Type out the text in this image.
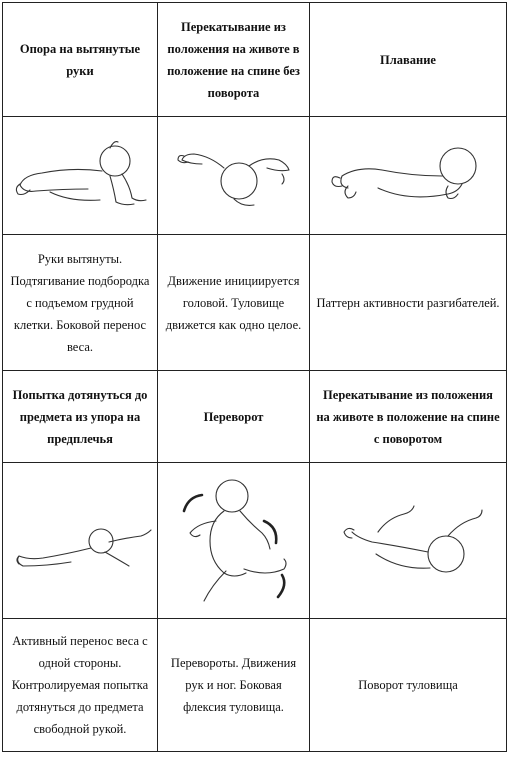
Опора на вытянутые руки	Перекатывание из положения на животе в положение на спине без поворота	Плавание

Руки вытянуты. Подтягивание подбородка с подъемом грудной клетки. Боковой перенос веса.	Движение инициируется головой. Туловище движется как одно целое.	Паттерн активности разгибателей.
Попытка дотянуться до предмета из упора на предплечья	Переворот	Перекатывание из положения на животе в положение на спине с поворотом

Активный перенос веса с одной стороны. Контролируемая попытка дотянуться до предмета свободной рукой.	Перевороты. Движения рук и ног. Боковая флексия туловища.	Поворот туловища
